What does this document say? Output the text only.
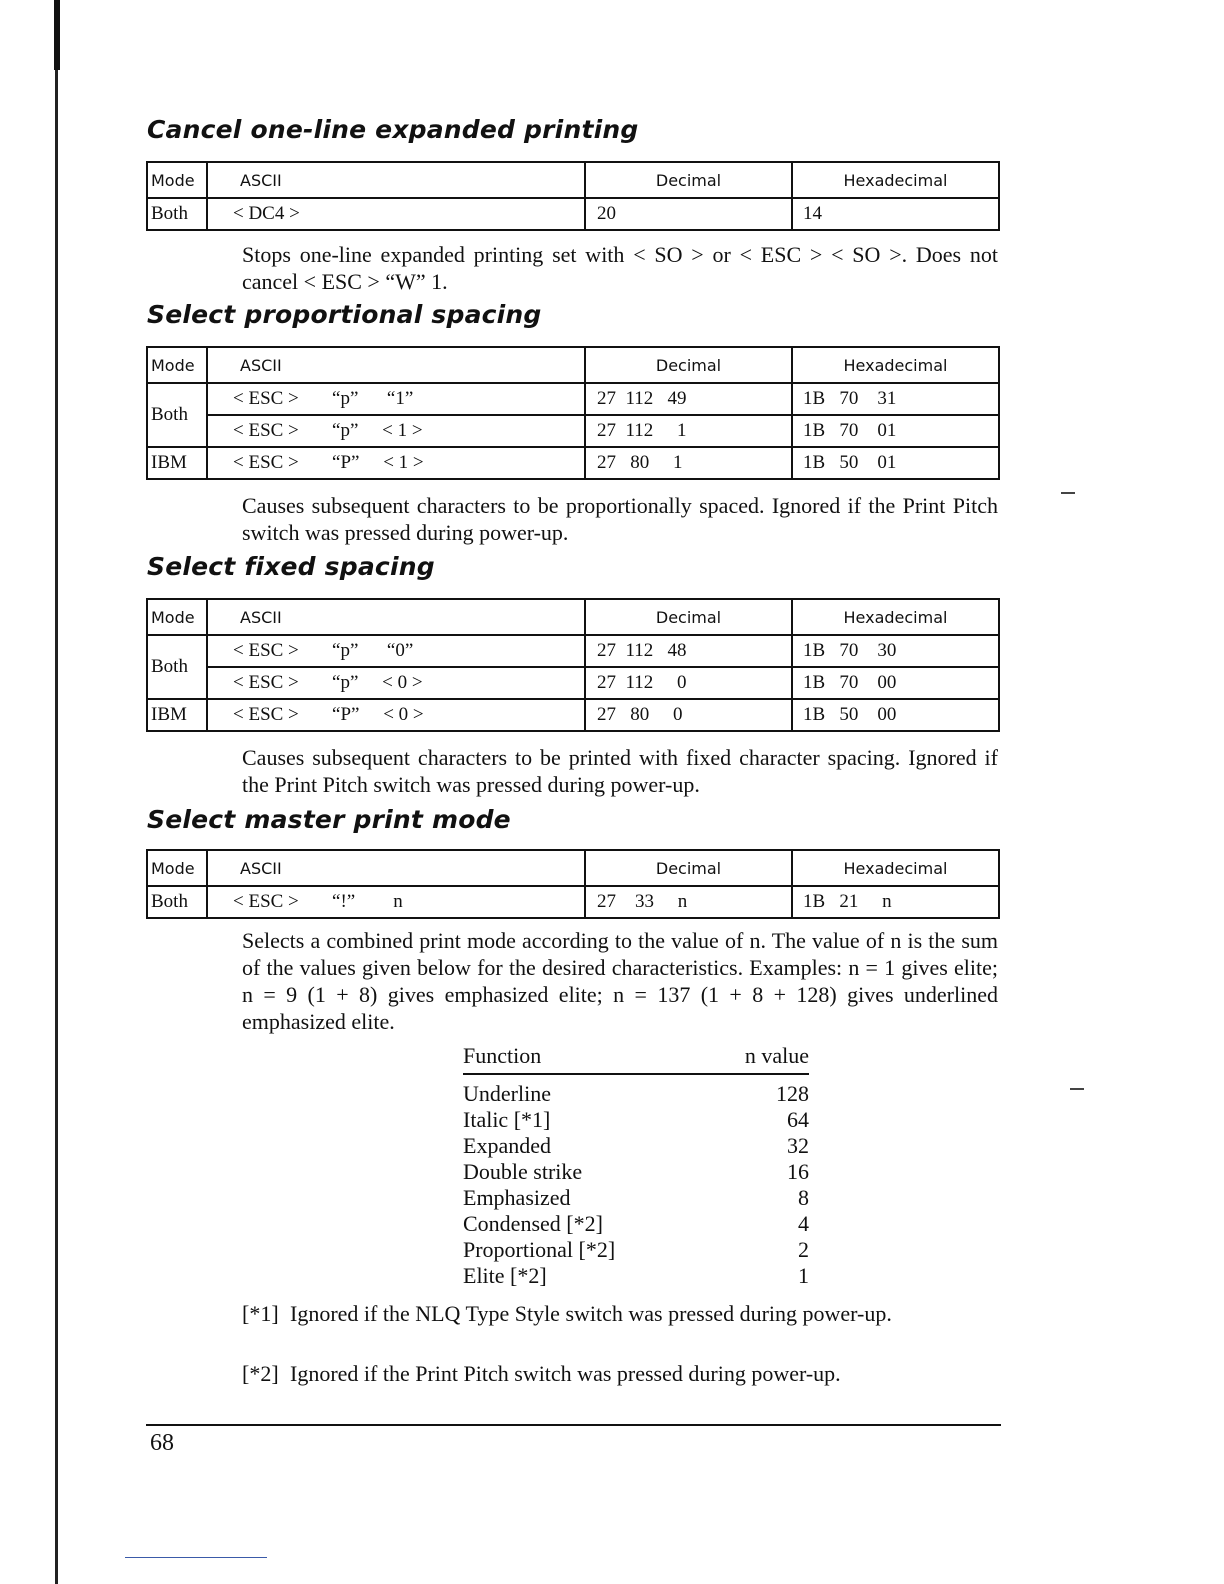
Cancel one-line expanded printing
Mode	ASCII	Decimal	Hexadecimal
Both	< DC4 >	20	14

Stops one-line expanded printing set with < SO > or < ESC > < SO >. Does not cancel < ESC > “W” 1.

Select proportional spacing
Mode	ASCII	Decimal	Hexadecimal
Both	< ESC >       “p”      “1”	27  112   49	1B   70    31
	< ESC >       “p”     < 1 >	27  112     1	1B   70    01
IBM	< ESC >       “P”     < 1 >	27   80     1	1B   50    01

Causes subsequent characters to be proportionally spaced. Ignored if the Print Pitch switch was pressed during power-up.

Select fixed spacing
Mode	ASCII	Decimal	Hexadecimal
Both	< ESC >       “p”      “0”	27  112   48	1B   70    30
	< ESC >       “p”     < 0 >	27  112     0	1B   70    00
IBM	< ESC >       “P”     < 0 >	27   80     0	1B   50    00

Causes subsequent characters to be printed with fixed character spacing. Ignored if the Print Pitch switch was pressed during power-up.

Select master print mode
Mode	ASCII	Decimal	Hexadecimal
Both	< ESC >       “!”        n	27    33     n	1B   21     n

Selects a combined print mode according to the value of n. The value of n is the sum of the values given below for the desired characteristics. Examples: n = 1 gives elite; n = 9 (1 + 8) gives emphasized elite; n = 137 (1 + 8 + 128) gives underlined emphasized elite.

Function	n value
Underline	128
Italic [*1]	64
Expanded	32
Double strike	16
Emphasized	8
Condensed [*2]	4
Proportional [*2]	2
Elite [*2]	1
[*1] Ignored if the NLQ Type Style switch was pressed during power-up.
[*2] Ignored if the Print Pitch switch was pressed during power-up.
68
